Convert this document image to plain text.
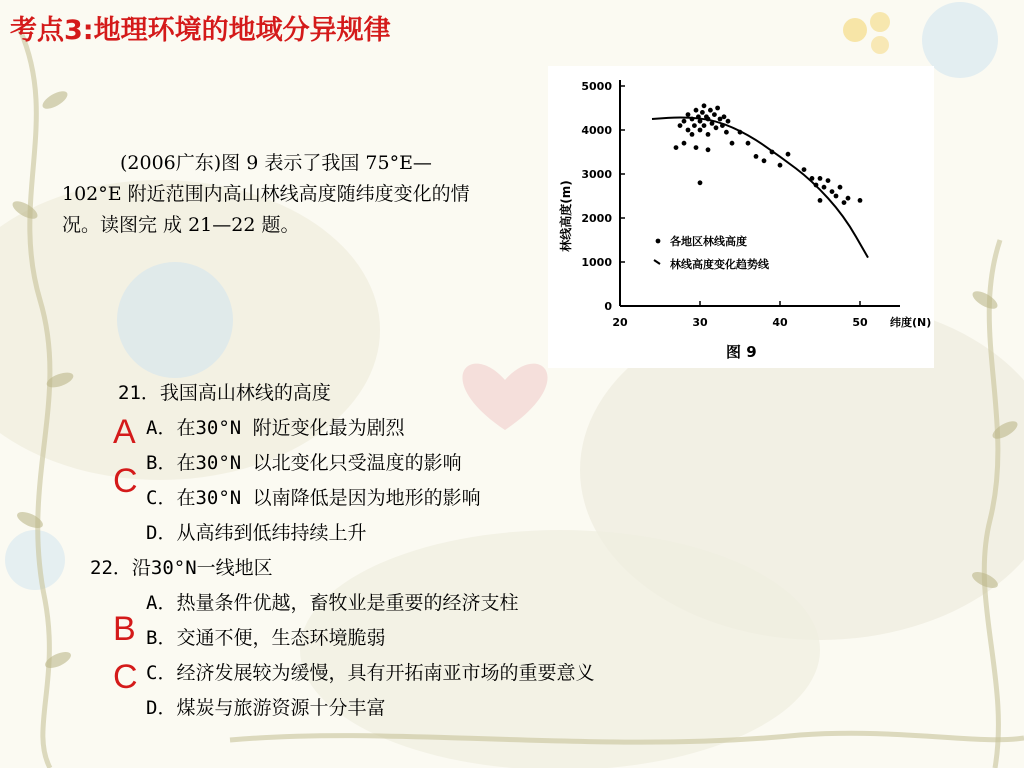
考点3:地理环境的地域分异规律
(2006广东)图 9 表示了我国 75°E—102°E 附近范围内高山林线高度随纬度变化的情况。读图完 成 21—22 题。
0
1000
2000
3000
4000
5000
20	30	40	50
林线高度(m)
纬度(N)
各地区林线高度
林线高度变化趋势线
图 9
21．我国高山林线的高度
A．在30°N 附近变化最为剧烈
B．在30°N 以北变化只受温度的影响
C．在30°N 以南降低是因为地形的影响
D．从高纬到低纬持续上升
22．沿30°N一线地区
A．热量条件优越，畜牧业是重要的经济支柱
B．交通不便，生态环境脆弱
C．经济发展较为缓慢，具有开拓南亚市场的重要意义
D．煤炭与旅游资源十分丰富
A
C
B
C
